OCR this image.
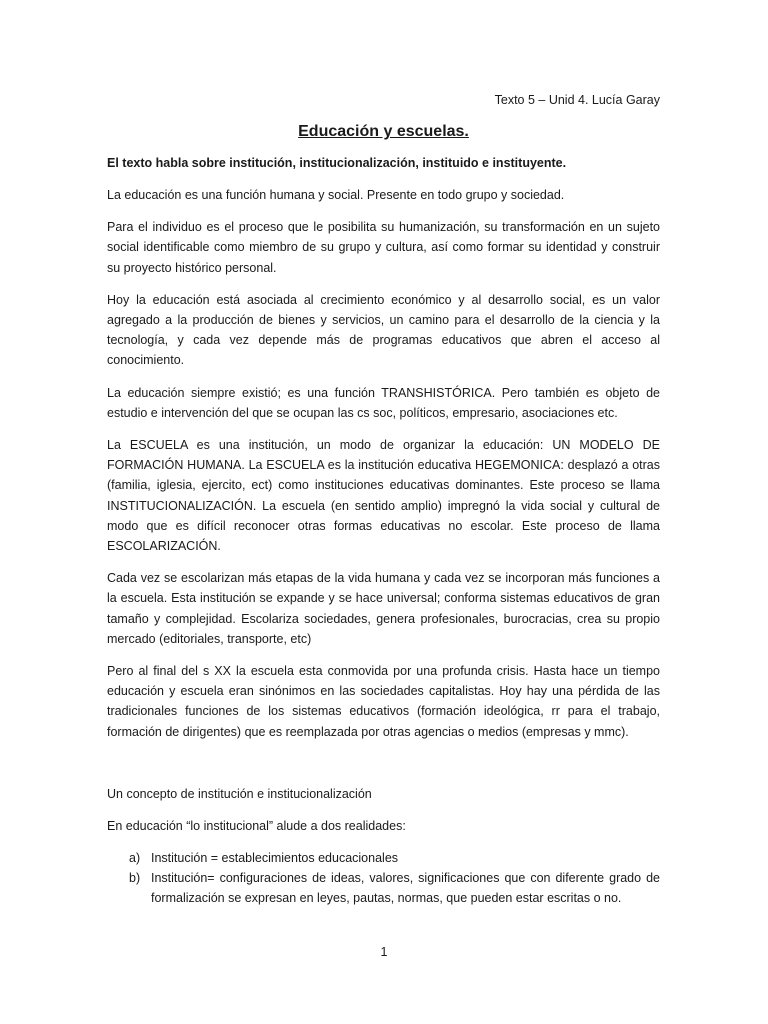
Texto 5 – Unid 4. Lucía Garay
Educación y escuelas.
El texto habla sobre institución, institucionalización, instituido e instituyente.

La educación es una función humana y social. Presente en todo grupo y sociedad.

Para el individuo es el proceso que le posibilita su humanización, su transformación en un sujeto social identificable como miembro de su grupo y cultura, así como formar su identidad y construir su proyecto histórico personal.

Hoy la educación está asociada al crecimiento económico y al desarrollo social, es un valor agregado a la producción de bienes y servicios, un camino para el desarrollo de la ciencia y la tecnología, y cada vez depende más de programas educativos que abren el acceso al conocimiento.

La educación siempre existió; es una función TRANSHISTÓRICA. Pero también es objeto de estudio e intervención del que se ocupan las cs soc, políticos, empresario, asociaciones etc.

La ESCUELA es una institución, un modo de organizar la educación: UN MODELO DE FORMACIÓN HUMANA. La ESCUELA es la institución educativa HEGEMONICA: desplazó a otras (familia, iglesia, ejercito, ect) como instituciones educativas dominantes. Este proceso se llama INSTITUCIONALIZACIÓN. La escuela (en sentido amplio) impregnó la vida social y cultural de modo que es difícil reconocer otras formas educativas no escolar. Este proceso de llama ESCOLARIZACIÓN.

Cada vez se escolarizan más etapas de la vida humana y cada vez se incorporan más funciones a la escuela. Esta institución se expande y se hace universal; conforma sistemas educativos de gran tamaño y complejidad. Escolariza sociedades, genera profesionales, burocracias, crea su propio mercado (editoriales, transporte, etc)

Pero al final del s XX la escuela esta conmovida por una profunda crisis. Hasta hace un tiempo educación y escuela eran sinónimos en las sociedades capitalistas. Hoy hay una pérdida de las tradicionales funciones de los sistemas educativos (formación ideológica, rr para el trabajo, formación de dirigentes) que es reemplazada por otras agencias o medios (empresas y mmc).

Un concepto de institución e institucionalización

En educación “lo institucional” alude a dos realidades:

a) Institución = establecimientos educacionales
b) Institución= configuraciones de ideas, valores, significaciones que con diferente grado de formalización se expresan en leyes, pautas, normas, que pueden estar escritas o no.
1
